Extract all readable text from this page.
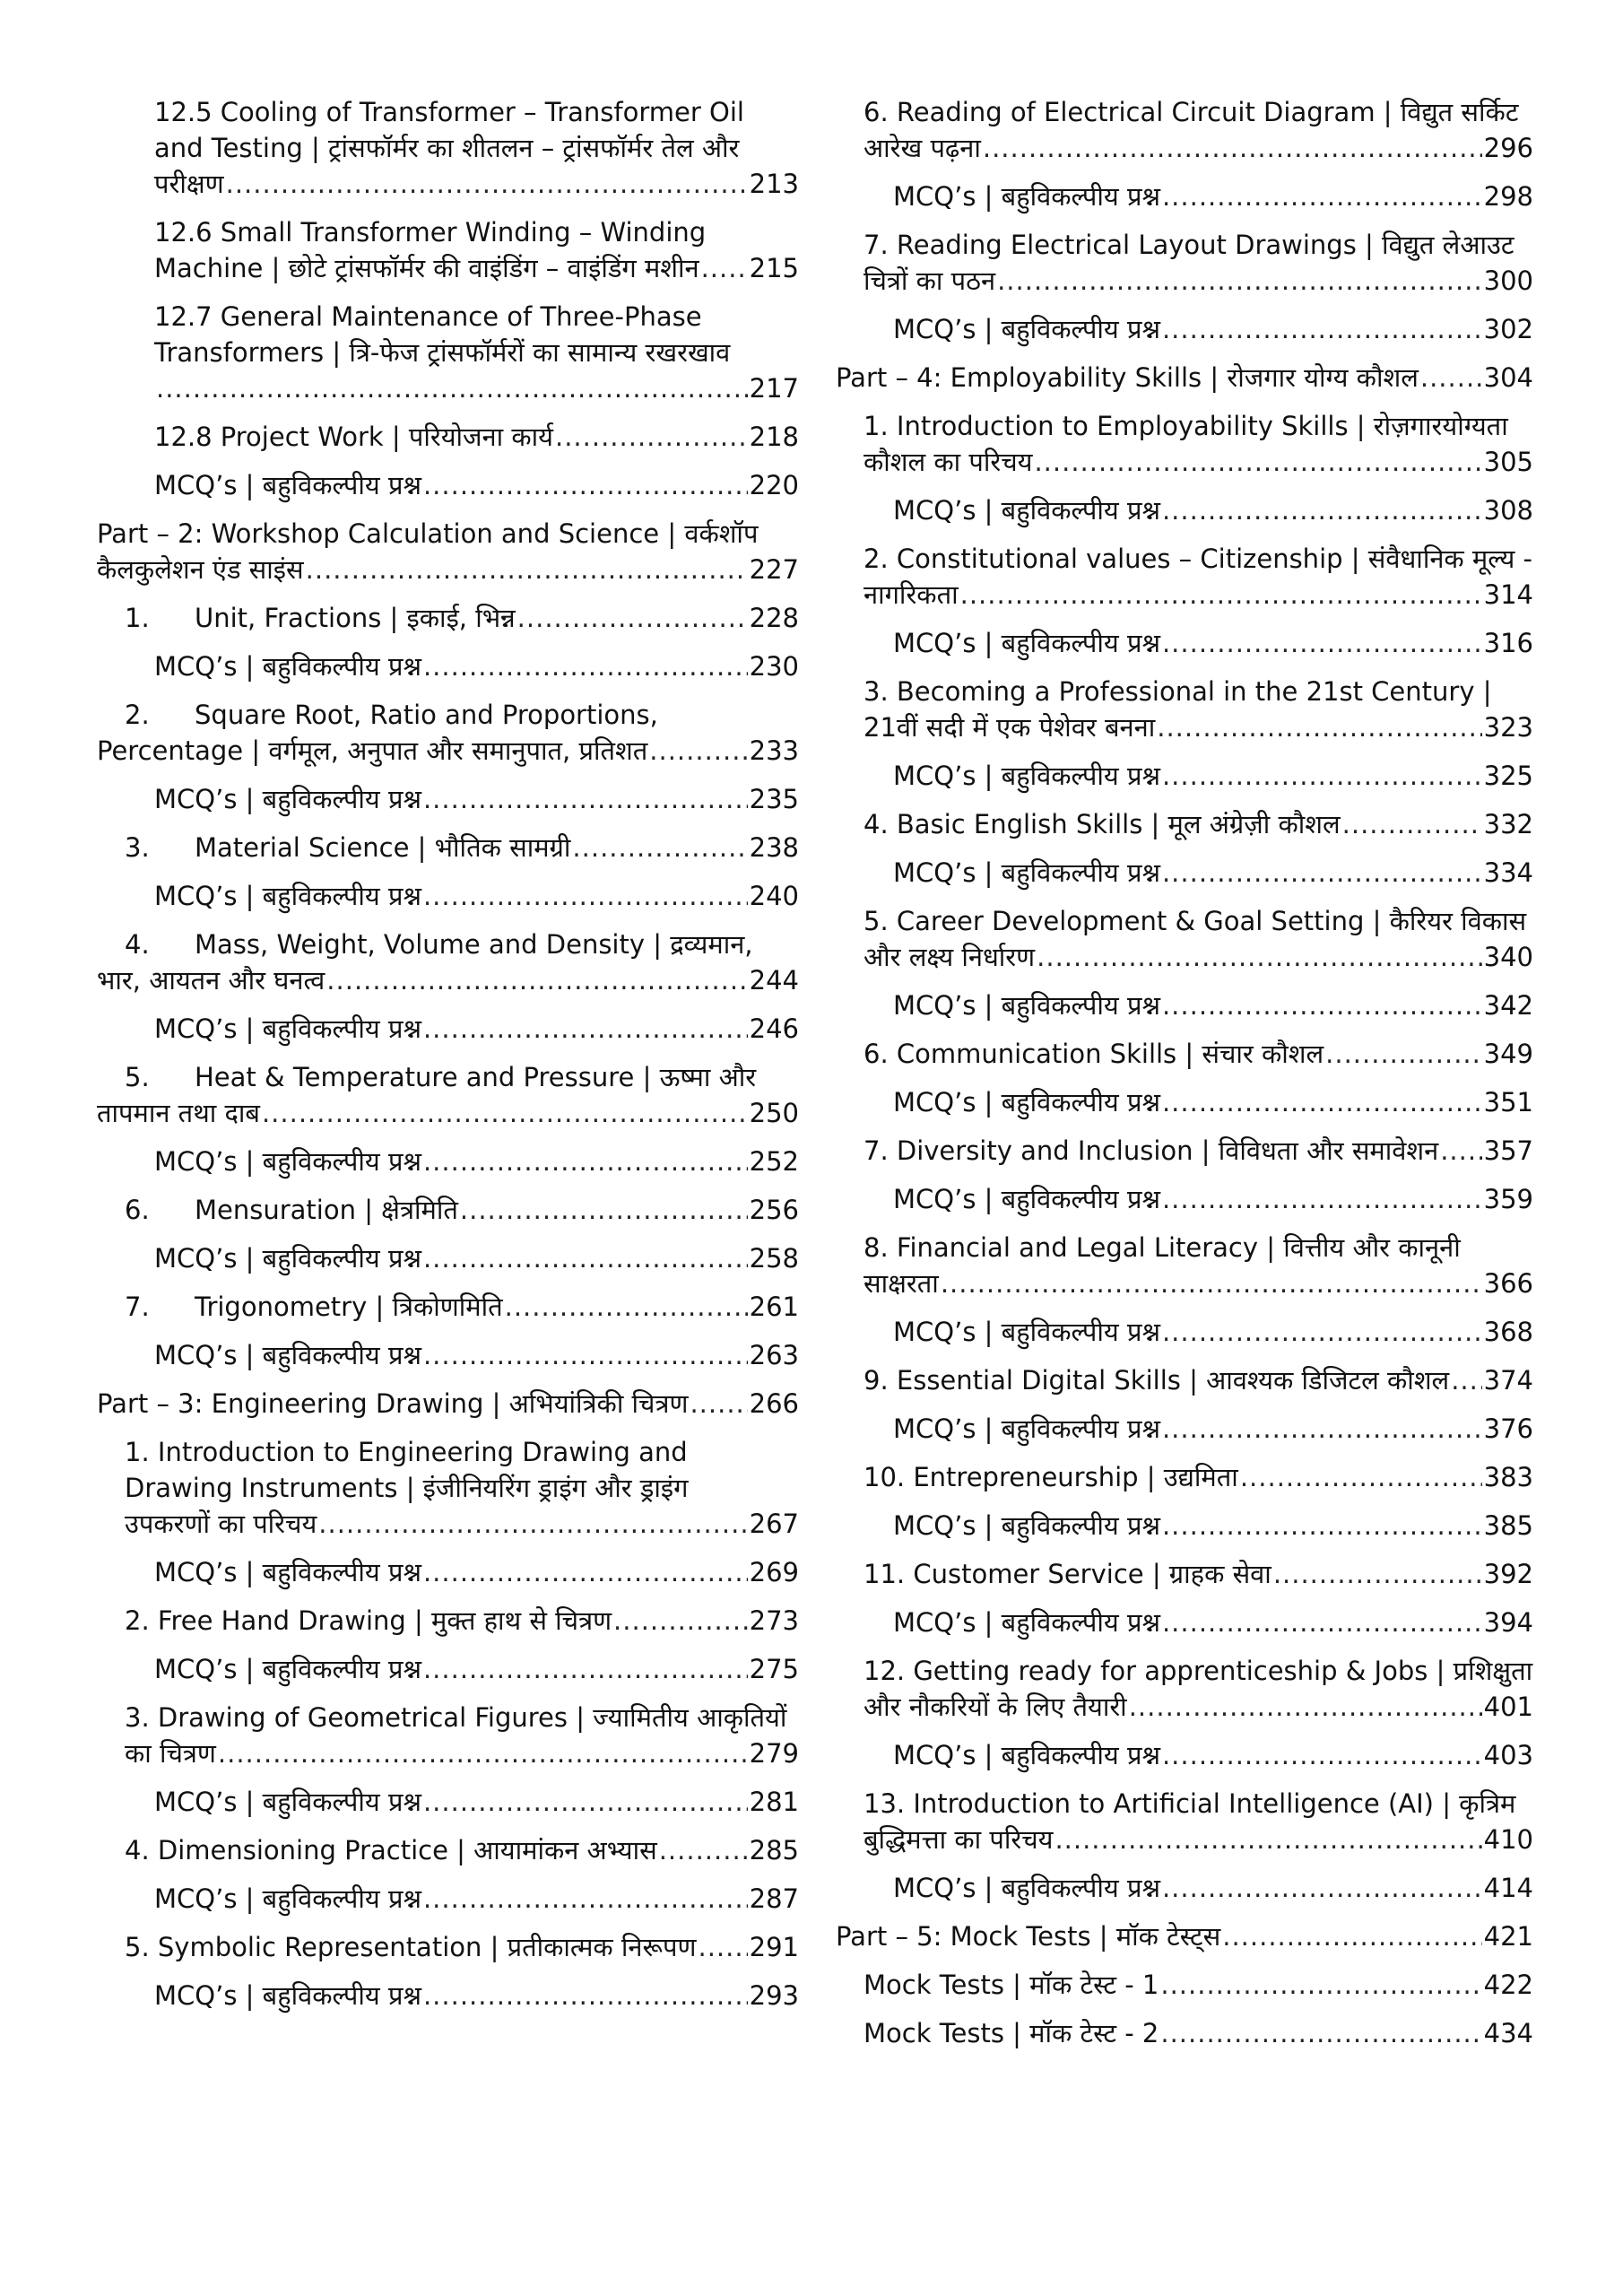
12.5 Cooling of Transformer – Transformer Oil
and Testing | ट्रांसफॉर्मर का शीतलन – ट्रांसफॉर्मर तेल और
परीक्षण .....	213
12.6 Small Transformer Winding – Winding
Machine | छोटे ट्रांसफॉर्मर की वाइंडिंग – वाइंडिंग मशीन ..... 215
12.7 General Maintenance of Three-Phase
Transformers | त्रि-फेज ट्रांसफॉर्मरों का सामान्य रखरखाव
.....
217
12.8 Project Work | परियोजना कार्य .....	218
MCQ’s | बहुविकल्पीय प्रश्न .....	220
Part – 2: Workshop Calculation and Science | वर्कशॉप
कैलकुलेशन एंड साइंस .....	227
1. Unit, Fractions | इकाई, भिन्न .....	228
MCQ’s | बहुविकल्पीय प्रश्न .....	230
2. Square Root, Ratio and Proportions,
Percentage | वर्गमूल, अनुपात और समानुपात, प्रतिशत .....	233
MCQ’s | बहुविकल्पीय प्रश्न .....	235
3. Material Science | भौतिक सामग्री .....	238
MCQ’s | बहुविकल्पीय प्रश्न .....	240
4. Mass, Weight, Volume and Density | द्रव्यमान,
भार, आयतन और घनत्व .....	244
MCQ’s | बहुविकल्पीय प्रश्न .....	246
5. Heat & Temperature and Pressure | ऊष्मा और
तापमान तथा दाब .....	250
MCQ’s | बहुविकल्पीय प्रश्न .....	252
6. Mensuration | क्षेत्रमिति .....	256
MCQ’s | बहुविकल्पीय प्रश्न .....	258
7. Trigonometry | त्रिकोणमिति .....	261
MCQ’s | बहुविकल्पीय प्रश्न .....	263
Part – 3: Engineering Drawing | अभियांत्रिकी चित्रण ..... 266
1. Introduction to Engineering Drawing and
Drawing Instruments | इंजीनियरिंग ड्राइंग और ड्राइंग
उपकरणों का परिचय .....	267
MCQ’s | बहुविकल्पीय प्रश्न .....	269
2. Free Hand Drawing | मुक्त हाथ से चित्रण .....	273
MCQ’s | बहुविकल्पीय प्रश्न .....	275
3. Drawing of Geometrical Figures | ज्यामितीय आकृतियों
का चित्रण .....	279
MCQ’s | बहुविकल्पीय प्रश्न .....	281
4. Dimensioning Practice | आयामांकन अभ्यास .....	285
MCQ’s | बहुविकल्पीय प्रश्न .....	287
5. Symbolic Representation | प्रतीकात्मक निरूपण ..... 291
MCQ’s | बहुविकल्पीय प्रश्न .....	293
6. Reading of Electrical Circuit Diagram | विद्युत सर्किट
आरेख पढ़ना .....	296
MCQ’s | बहुविकल्पीय प्रश्न .....	298
7. Reading Electrical Layout Drawings | विद्युत लेआउट
चित्रों का पठन .....	300
MCQ’s | बहुविकल्पीय प्रश्न .....	302
Part – 4: Employability Skills | रोजगार योग्य कौशल .....	304
1. Introduction to Employability Skills | रोज़गारयोग्यता
कौशल का परिचय .....	305
MCQ’s | बहुविकल्पीय प्रश्न .....	308
2. Constitutional values – Citizenship | संवैधानिक मूल्य -
नागरिकता .....	314
MCQ’s | बहुविकल्पीय प्रश्न .....	316
3. Becoming a Professional in the 21st Century |
21वीं सदी में एक पेशेवर बनना .....	323
MCQ’s | बहुविकल्पीय प्रश्न .....	325
4. Basic English Skills | मूल अंग्रेज़ी कौशल .....	332
MCQ’s | बहुविकल्पीय प्रश्न .....	334
5. Career Development & Goal Setting | कैरियर विकास
और लक्ष्य निर्धारण .....	340
MCQ’s | बहुविकल्पीय प्रश्न .....	342
6. Communication Skills | संचार कौशल .....	349
MCQ’s | बहुविकल्पीय प्रश्न .....	351
7. Diversity and Inclusion | विविधता और समावेशन ..... 357
MCQ’s | बहुविकल्पीय प्रश्न .....	359
8. Financial and Legal Literacy | वित्तीय और कानूनी
साक्षरता .....	366
MCQ’s | बहुविकल्पीय प्रश्न .....	368
9. Essential Digital Skills | आवश्यक डिजिटल कौशल ..... 374
MCQ’s | बहुविकल्पीय प्रश्न .....	376
10. Entrepreneurship | उद्यमिता .....	383
MCQ’s | बहुविकल्पीय प्रश्न .....	385
11. Customer Service | ग्राहक सेवा .....	392
MCQ’s | बहुविकल्पीय प्रश्न .....	394
12. Getting ready for apprenticeship & Jobs | प्रशिक्षुता
और नौकरियों के लिए तैयारी .....	401
MCQ’s | बहुविकल्पीय प्रश्न .....	403
13. Introduction to Artificial Intelligence (AI) | कृत्रिम
बुद्धिमत्ता का परिचय .....	410
MCQ’s | बहुविकल्पीय प्रश्न .....	414
Part – 5: Mock Tests | मॉक टेस्ट्स .....	421
Mock Tests | मॉक टेस्ट - 1 .....	422
Mock Tests | मॉक टेस्ट - 2 .....	434
